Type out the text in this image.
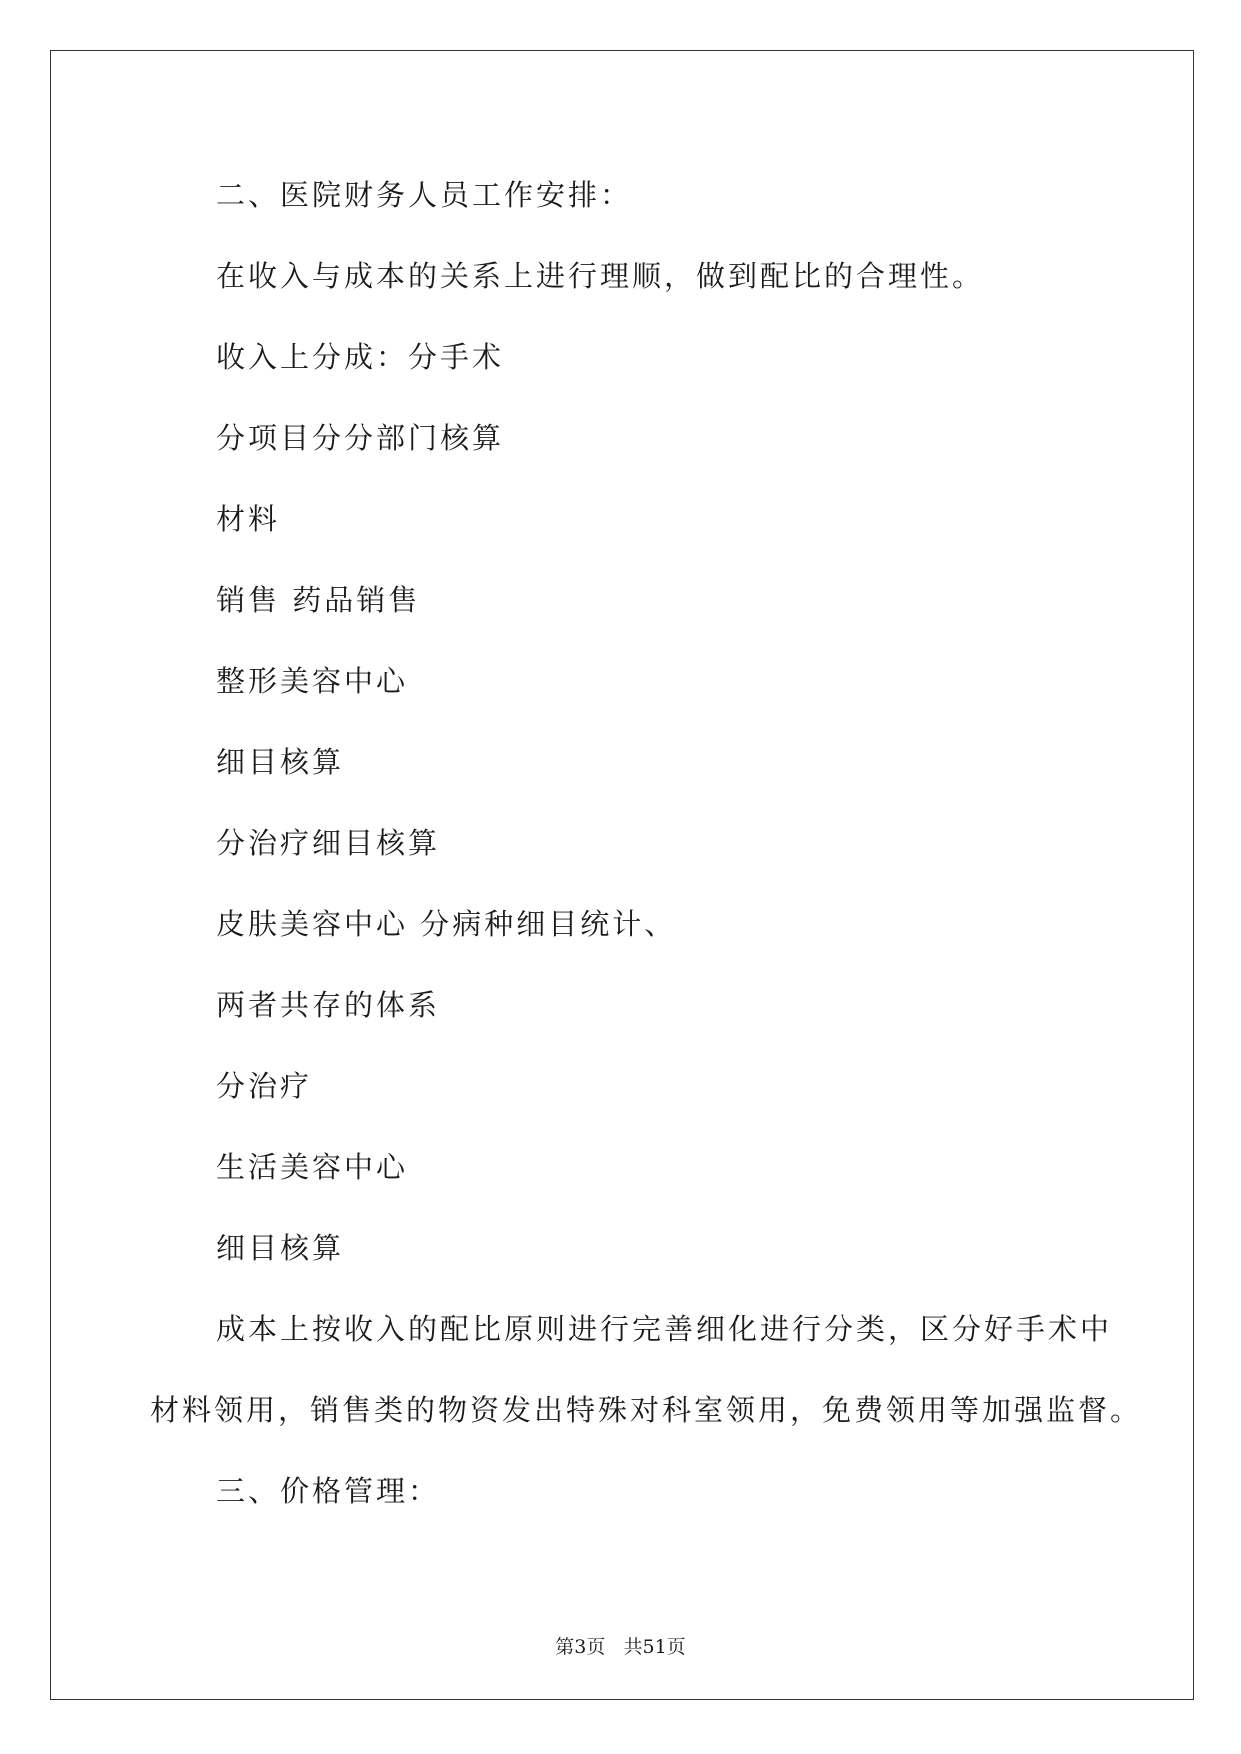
二、医院财务人员工作安排：
在收入与成本的关系上进行理顺，做到配比的合理性。
收入上分成：分手术
分项目分分部门核算
材料
销售 药品销售
整形美容中心
细目核算
分治疗细目核算
皮肤美容中心 分病种细目统计、
两者共存的体系
分治疗
生活美容中心
细目核算
成本上按收入的配比原则进行完善细化进行分类，区分好手术中
材料领用，销售类的物资发出特殊对科室领用，免费领用等加强监督。
三、价格管理：
第3页   共51页
